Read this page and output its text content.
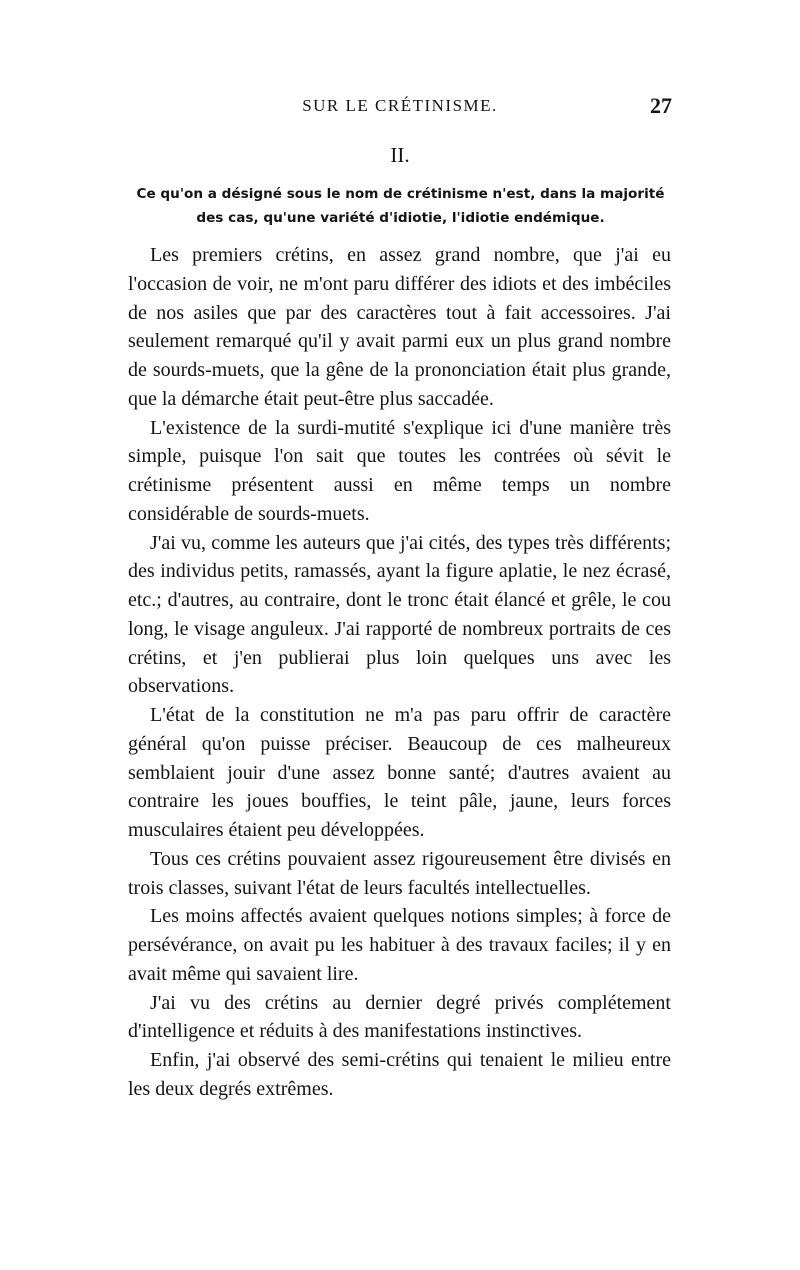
SUR LE CRÉTINISME.	27
II.
Ce qu'on a désigné sous le nom de crétinisme n'est, dans la majorité des cas, qu'une variété d'idiotie, l'idiotie endémique.

Les premiers crétins, en assez grand nombre, que j'ai eu l'occasion de voir, ne m'ont paru différer des idiots et des imbéciles de nos asiles que par des caractères tout à fait accessoires. J'ai seulement remarqué qu'il y avait parmi eux un plus grand nombre de sourds-muets, que la gêne de la prononciation était plus grande, que la démarche était peut-être plus saccadée.

L'existence de la surdi-mutité s'explique ici d'une manière très simple, puisque l'on sait que toutes les contrées où sévit le crétinisme présentent aussi en même temps un nombre considérable de sourds-muets.

J'ai vu, comme les auteurs que j'ai cités, des types très différents; des individus petits, ramassés, ayant la figure aplatie, le nez écrasé, etc.; d'autres, au contraire, dont le tronc était élancé et grêle, le cou long, le visage anguleux. J'ai rapporté de nombreux portraits de ces crétins, et j'en publierai plus loin quelques uns avec les observations.

L'état de la constitution ne m'a pas paru offrir de caractère général qu'on puisse préciser. Beaucoup de ces malheureux semblaient jouir d'une assez bonne santé; d'autres avaient au contraire les joues bouffies, le teint pâle, jaune, leurs forces musculaires étaient peu développées.

Tous ces crétins pouvaient assez rigoureusement être divisés en trois classes, suivant l'état de leurs facultés intellectuelles.

Les moins affectés avaient quelques notions simples; à force de persévérance, on avait pu les habituer à des travaux faciles; il y en avait même qui savaient lire.

J'ai vu des crétins au dernier degré privés complétement d'intelligence et réduits à des manifestations instinctives.

Enfin, j'ai observé des semi-crétins qui tenaient le milieu entre les deux degrés extrêmes.
